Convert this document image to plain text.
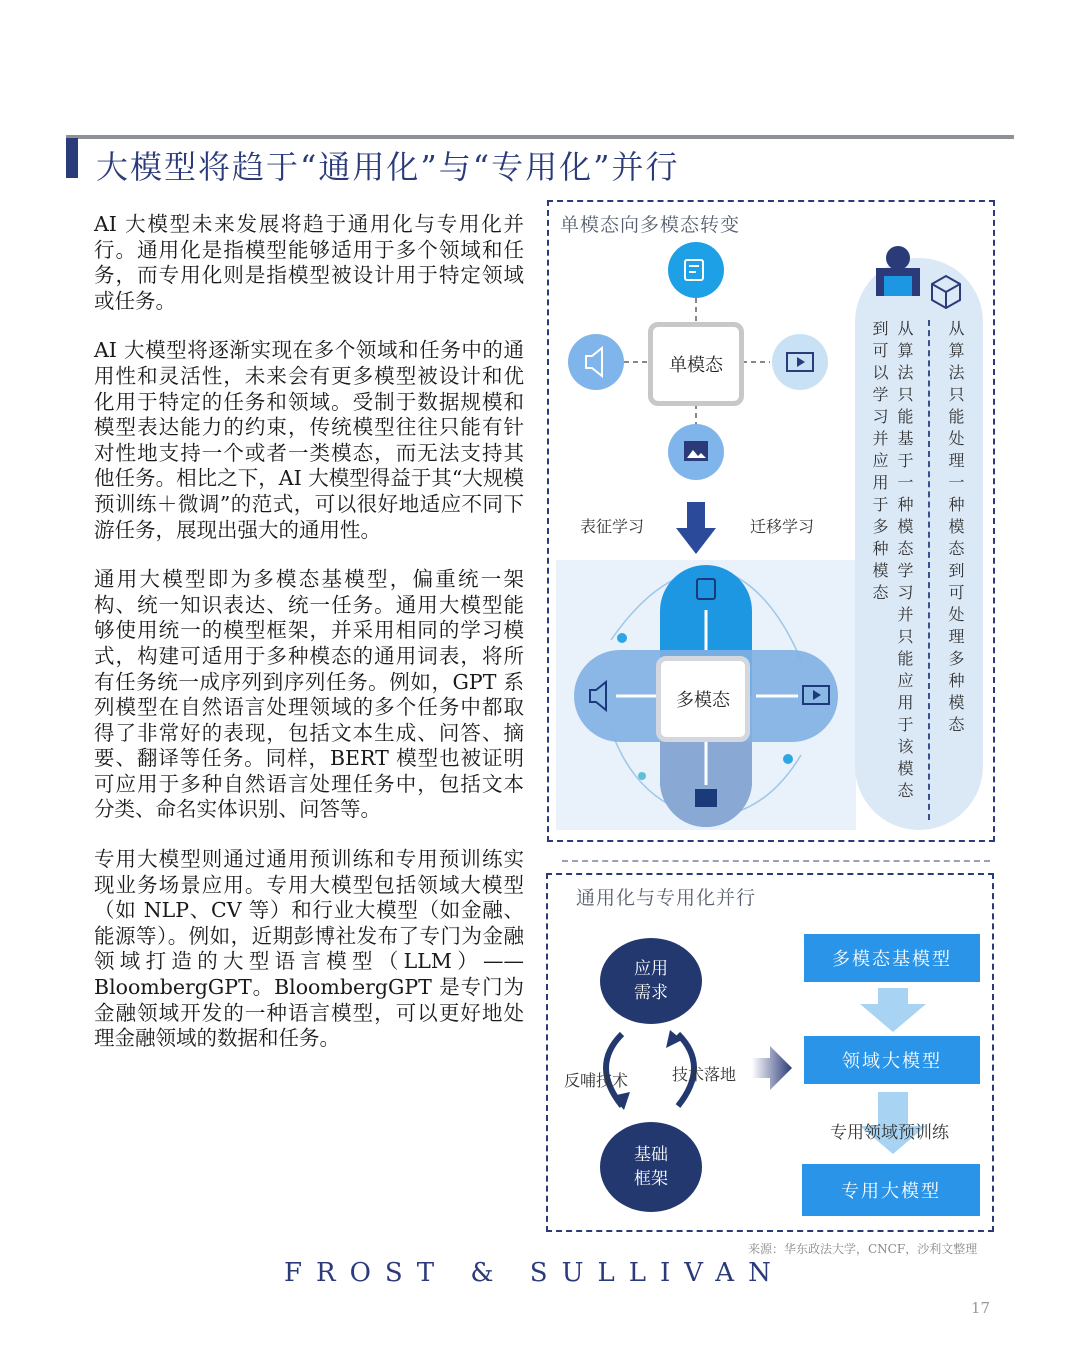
大模型将趋于“通用化”与“专用化”并行

AI 大模型未来发展将趋于通用化与专用化并行。通用化是指模型能够适用于多个领域和任务，而专用化则是指模型被设计用于特定领域或任务。

AI 大模型将逐渐实现在多个领域和任务中的通用性和灵活性，未来会有更多模型被设计和优化用于特定的任务和领域。受制于数据规模和模型表达能力的约束，传统模型往往只能有针对性地支持一个或者一类模态，而无法支持其他任务。相比之下，AI 大模型得益于其“大规模预训练＋微调”的范式，可以很好地适应不同下游任务，展现出强大的通用性。

通用大模型即为多模态基模型，偏重统一架构、统一知识表达、统一任务。通用大模型能够使用统一的模型框架，并采用相同的学习模式，构建可适用于多种模态的通用词表，将所有任务统一成序列到序列任务。例如，GPT 系列模型在自然语言处理领域的多个任务中都取得了非常好的表现，包括文本生成、问答、摘要、翻译等任务。同样，BERT 模型也被证明可应用于多种自然语言处理任务中，包括文本分类、命名实体识别、问答等。

专用大模型则通过通用预训练和专用预训练实现业务场景应用。专用大模型包括领域大模型（如 NLP、CV 等）和行业大模型（如金融、能源等）。例如，近期彭博社发布了专门为金融领域打造的大型语言模型（LLM）——BloombergGPT。BloombergGPT 是专门为金融领域开发的一种语言模型，可以更好地处理金融领域的数据和任务。

单模态向多模态转变
单模态
多模态
表征学习	迁移学习	从算法只能处理一种模态到可处理多种模态
从算法只能基于一种模态学习并只能应用于该模态
到可以学习并应用于多种模态
通用化与专用化并行
应用
需求
基础
框架
反哺技术	技术落地
多模态基模型
领域大模型
专用领域预训练
专用大模型
来源：华东政法大学，CNCF，沙利文整理
FROST & SULLIVAN
17
